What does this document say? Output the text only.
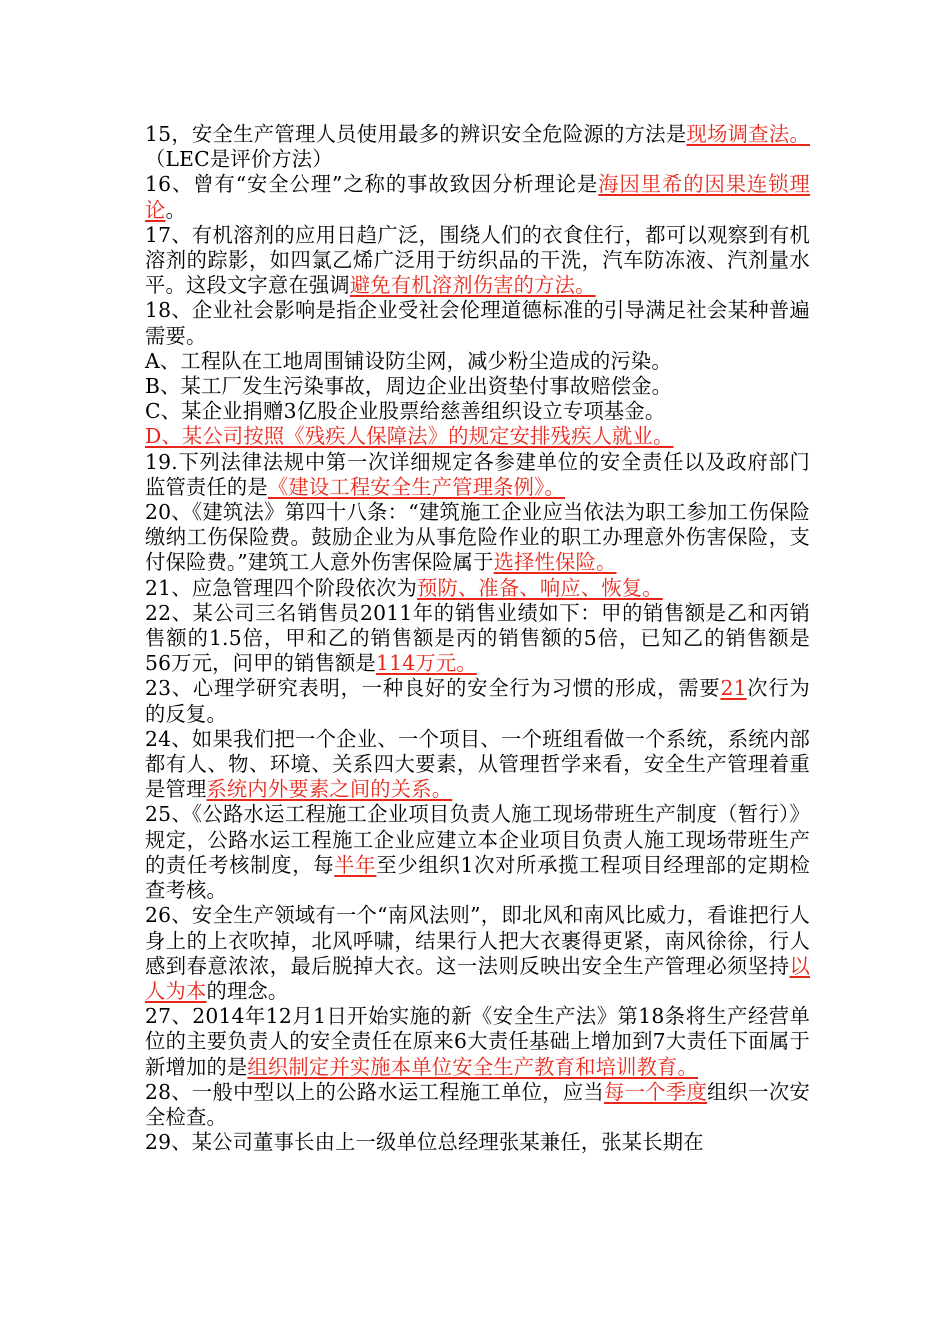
15，安全生产管理人员使用最多的辨识安全危险源的方法是现场调查法。（LEC是评价方法）
16、曾有“安全公理”之称的事故致因分析理论是海因里希的因果连锁理论。
17、有机溶剂的应用日趋广泛，围绕人们的衣食住行，都可以观察到有机溶剂的踪影，如四氯乙烯广泛用于纺织品的干洗，汽车防冻液、汽剂量水平。这段文字意在强调避免有机溶剂伤害的方法。
18、企业社会影响是指企业受社会伦理道德标准的引导满足社会某种普遍需要。
A、工程队在工地周围铺设防尘网，减少粉尘造成的污染。
B、某工厂发生污染事故，周边企业出资垫付事故赔偿金。
C、某企业捐赠3亿股企业股票给慈善组织设立专项基金。
D、某公司按照《残疾人保障法》的规定安排残疾人就业。
19.下列法律法规中第一次详细规定各参建单位的安全责任以及政府部门监管责任的是《建设工程安全生产管理条例》。
20、《建筑法》第四十八条：“建筑施工企业应当依法为职工参加工伤保险缴纳工伤保险费。鼓励企业为从事危险作业的职工办理意外伤害保险，支付保险费。”建筑工人意外伤害保险属于选择性保险。
21、应急管理四个阶段依次为预防、准备、响应、恢复。
22、某公司三名销售员2011年的销售业绩如下：甲的销售额是乙和丙销售额的1.5倍，甲和乙的销售额是丙的销售额的5倍，已知乙的销售额是56万元，问甲的销售额是114万元。
23、心理学研究表明，一种良好的安全行为习惯的形成，需要21次行为的反复。
24、如果我们把一个企业、一个项目、一个班组看做一个系统，系统内部都有人、物、环境、关系四大要素，从管理哲学来看，安全生产管理着重是管理系统内外要素之间的关系。
25、《公路水运工程施工企业项目负责人施工现场带班生产制度（暂行）》规定，公路水运工程施工企业应建立本企业项目负责人施工现场带班生产的责任考核制度，每半年至少组织1次对所承揽工程项目经理部的定期检查考核。
26、安全生产领域有一个“南风法则”，即北风和南风比威力，看谁把行人身上的上衣吹掉，北风呼啸，结果行人把大衣裹得更紧，南风徐徐，行人感到春意浓浓，最后脱掉大衣。这一法则反映出安全生产管理必须坚持以人为本的理念。
27、2014年12月1日开始实施的新《安全生产法》第18条将生产经营单位的主要负责人的安全责任在原来6大责任基础上增加到7大责任下面属于新增加的是组织制定并实施本单位安全生产教育和培训教育。
28、一般中型以上的公路水运工程施工单位，应当每一个季度组织一次安全检查。
29、某公司董事长由上一级单位总经理张某兼任，张某长期在
